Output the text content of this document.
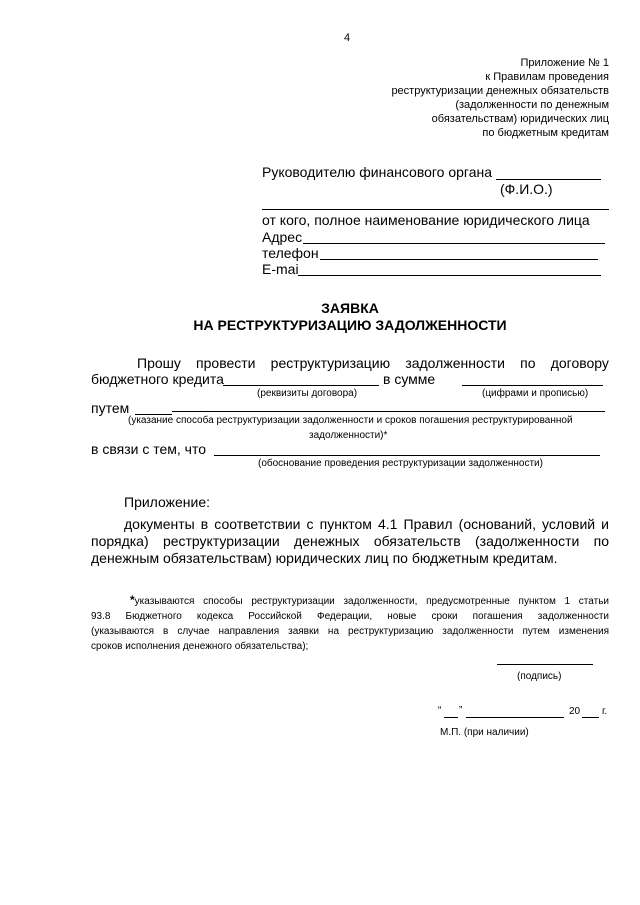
4
Приложение № 1
к Правилам проведения
реструктуризации денежных обязательств
(задолженности по денежным
обязательствам) юридических лиц
по бюджетным кредитам
Руководителю финансового органа
(Ф.И.О.)
от кого, полное наименование юридического лица
Адрес
телефон
E-mai
ЗАЯВКА
НА РЕСТРУКТУРИЗАЦИЮ ЗАДОЛЖЕННОСТИ
Прошу провести реструктуризацию задолженности по договору
бюджетного кредита	в сумме
(реквизиты договора)	(цифрами и прописью)
путем
(указание способа реструктуризации задолженности и сроков погашения реструктурированной
задолженности)*
в связи с тем, что
(обоснование проведения реструктуризации задолженности)
Приложение:
документы в соответствии с пунктом 4.1 Правил (оснований, условий и
порядка) реструктуризации денежных обязательств (задолженности по
денежным обязательствам) юридических лиц по бюджетным кредитам.
*указываются способы реструктуризации задолженности, предусмотренные пунктом 1 статьи
93.8 Бюджетного кодекса Российской Федерации, новые сроки погашения задолженности
(указываются в случае направления заявки на реструктуризацию задолженности путем изменения
сроков исполнения денежного обязательства);
(подпись)
“ ”	20 г.
М.П. (при наличии)
